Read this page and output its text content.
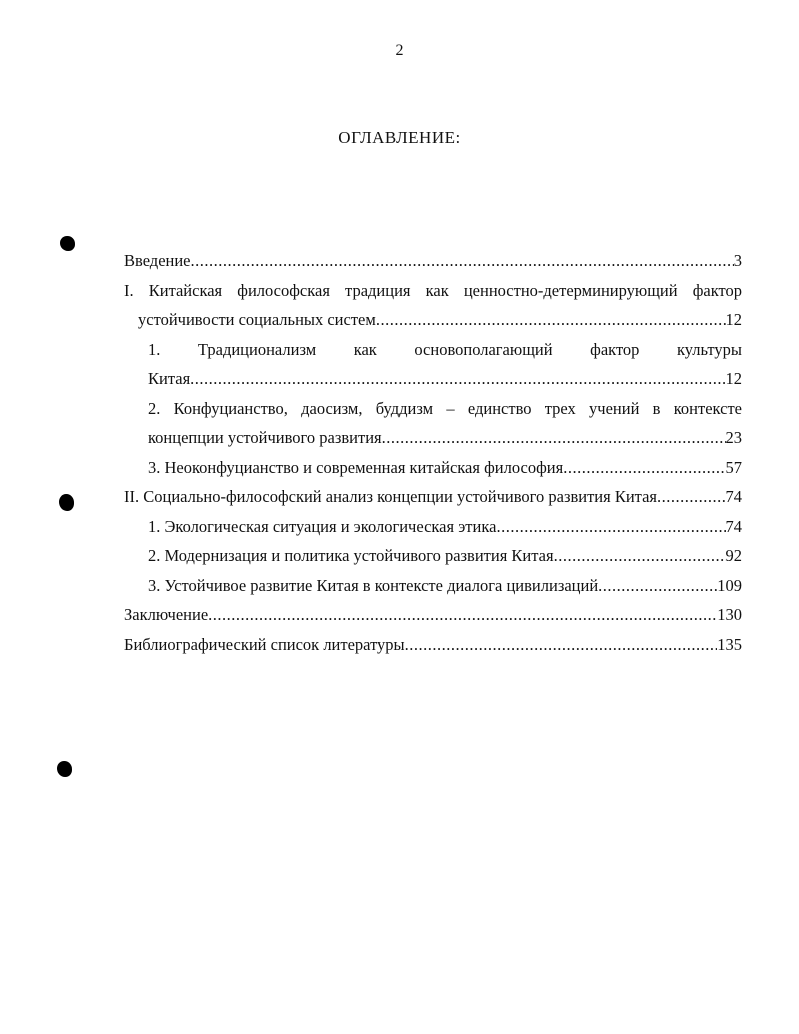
2
ОГЛАВЛЕНИЕ:
Введение .....	3
I. Китайская философская традиция как ценностно-детерминирующий фактор
устойчивости социальных систем .....	12
1. Традиционализм как основополагающий фактор культуры
Китая .....	12
2. Конфуцианство, даосизм, буддизм – единство трех учений в контексте
концепции устойчивого развития .....	23
3. Неоконфуцианство и современная китайская философия .....	57
II. Социально-философский анализ концепции устойчивого развития Китая .....	74
1. Экологическая ситуация и экологическая этика .....	74
2. Модернизация и политика устойчивого развития Китая .....	92
3. Устойчивое развитие Китая в контексте диалога цивилизаций .....	109
Заключение .....	130
Библиографический список литературы .....	135
